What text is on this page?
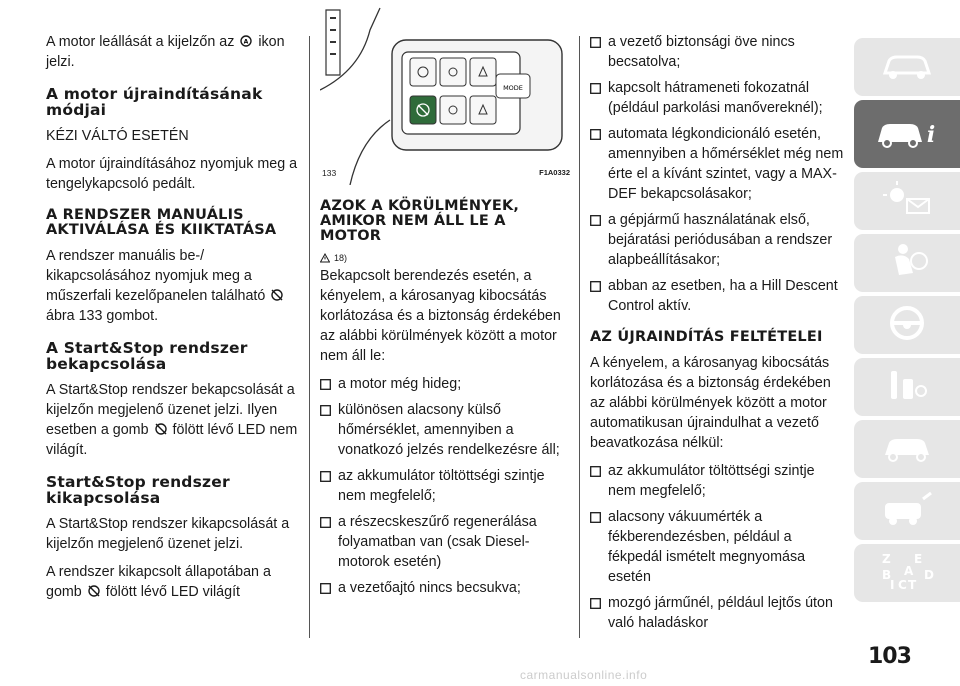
A motor leállását a kijelzőn az A ikon jelzi.

A motor újraindításának módjai

KÉZI VÁLTÓ ESETÉN

A motor újraindításához nyomjuk meg a tengelykapcsoló pedált.

A RENDSZER MANUÁLIS AKTIVÁLÁSA ÉS KIIKTATÁSA

A rendszer manuális be-/ kikapcsolásához nyomjuk meg a műszerfali kezelőpanelen található  ábra 133 gombot.

A Start&Stop rendszer bekapcsolása

A Start&Stop rendszer bekapcsolását a kijelzőn megjelenő üzenet jelzi. Ilyen esetben a gomb fölött lévő LED nem világít.

Start&Stop rendszer kikapcsolása

A Start&Stop rendszer kikapcsolását a kijelzőn megjelenő üzenet jelzi.

A rendszer kikapcsolt állapotában a gomb fölött lévő LED világít

MODE
133	F1A0332
AZOK A KÖRÜLMÉNYEK, AMIKOR NEM ÁLL LE A MOTOR
18)

Bekapcsolt berendezés esetén, a kényelem, a károsanyag kibocsátás korlátozása és a biztonság érdekében az alábbi körülmények között a motor nem áll le:

a motor még hideg;
különösen alacsony külső hőmérséklet, amennyiben a vonatkozó jelzés rendelkezésre áll;
az akkumulátor töltöttségi szintje nem megfelelő;
a részecskeszűrő regenerálása folyamatban van (csak Diesel-motorok esetén)
a vezetőajtó nincs becsukva;
a vezető biztonsági öve nincs becsatolva;
kapcsolt hátrameneti fokozatnál (például parkolási manővereknél);
automata légkondicionáló esetén, amennyiben a hőmérséklet még nem érte el a kívánt szintet, vagy a MAX-DEF bekapcsolásakor;
a gépjármű használatának első, bejáratási periódusában a rendszer alapbeállításakor;
abban az esetben, ha a Hill Descent Control aktív.
AZ ÚJRAINDÍTÁS FELTÉTELEI

A kényelem, a károsanyag kibocsátás korlátozása és a biztonság érdekében az alábbi körülmények között a motor automatikusan újraindulhat a vezető beavatkozása nélkül:

az akkumulátor töltöttségi szintje nem megfelelő;
alacsony vákuumérték a fékberendezésben, például a fékpedál ismételt megnyomása esetén
mozgó járműnél, például lejtős úton való haladáskor
i
Z E
A
B	D
I C T
103
carmanualsonline.info
